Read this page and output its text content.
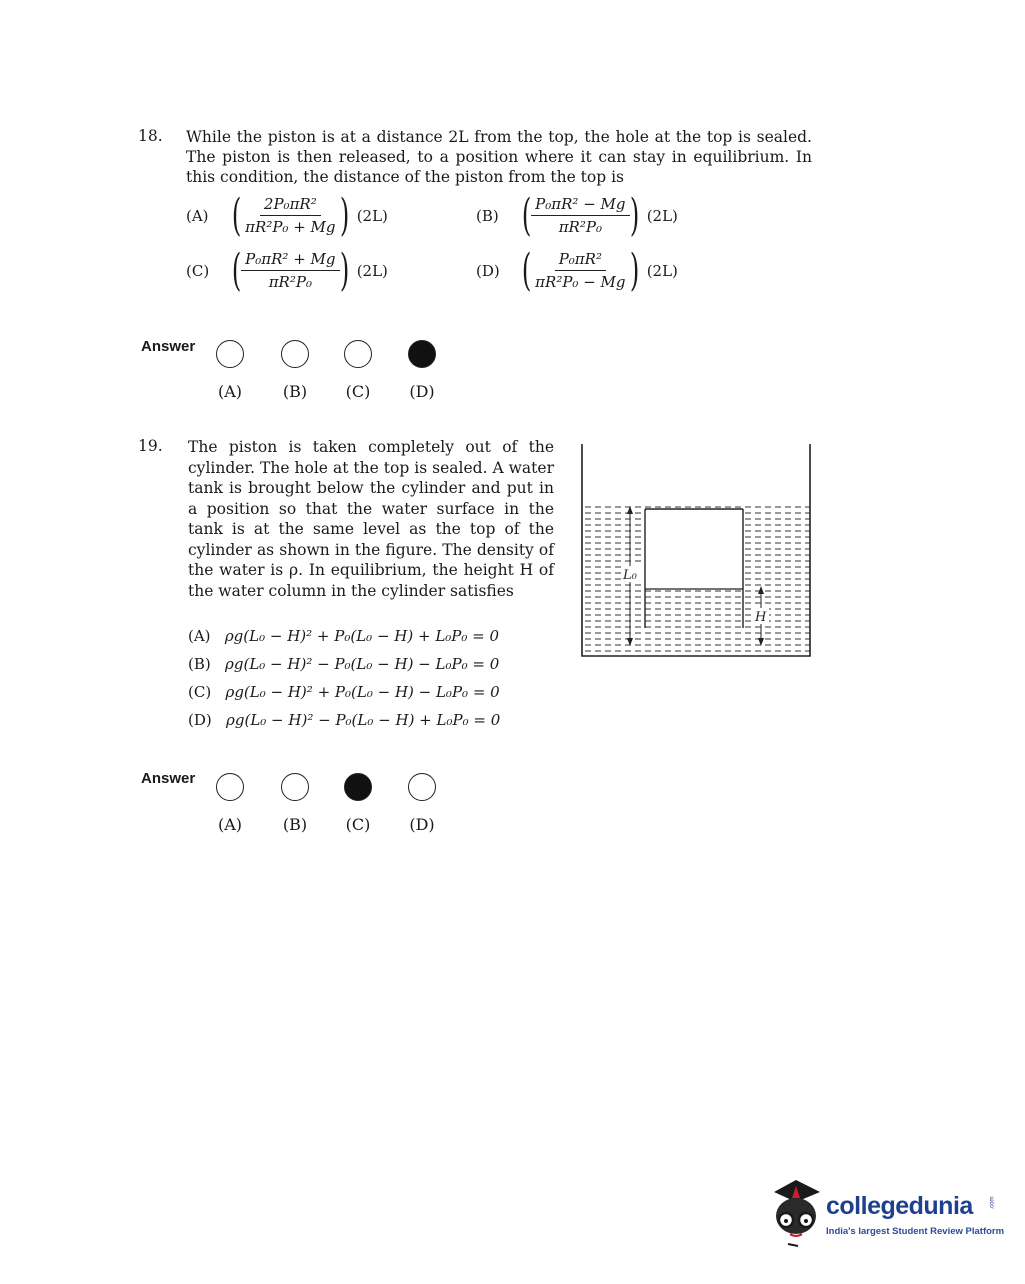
18. While the piston is at a distance 2L from the top, the hole at the top is sealed. The piston is then released, to a position where it can stay in equilibrium. In this condition, the distance of the piston from the top is
(A) ( $\frac{\text{2P₀πR²}}{\text{πR²P₀ + Mg}}$ ) (2L)	(B) ( $\frac{\text{P₀πR² − Mg}}{\text{πR²P₀}}$ ) (2L)
(C) ( $\frac{\text{P₀πR² + Mg}}{\text{πR²P₀}}$ ) (2L)	(D) ( $\frac{\text{P₀πR²}}{\text{πR²P₀ − Mg}}$ ) (2L)
Answer
(A)	(B)	(C)	(D)
19. The piston is taken completely out of the cylinder. The hole at the top is sealed. A water tank is brought below the cylinder and put in a position so that the water surface in the tank is at the same level as the top of the cylinder as shown in the figure. The density of the water is ρ. In equilibrium, the height H of the water column in the cylinder satisfies
(A) ρg(L₀ − H)² + P₀(L₀ − H) + L₀P₀ = 0
(B) ρg(L₀ − H)² − P₀(L₀ − H) − L₀P₀ = 0
(C) ρg(L₀ − H)² + P₀(L₀ − H) − L₀P₀ = 0
(D) ρg(L₀ − H)² − P₀(L₀ − H) + L₀P₀ = 0
L₀
H
Answer
(A)	(B)	(C)	(D)
collegedunia	.com
India's largest Student Review Platform
